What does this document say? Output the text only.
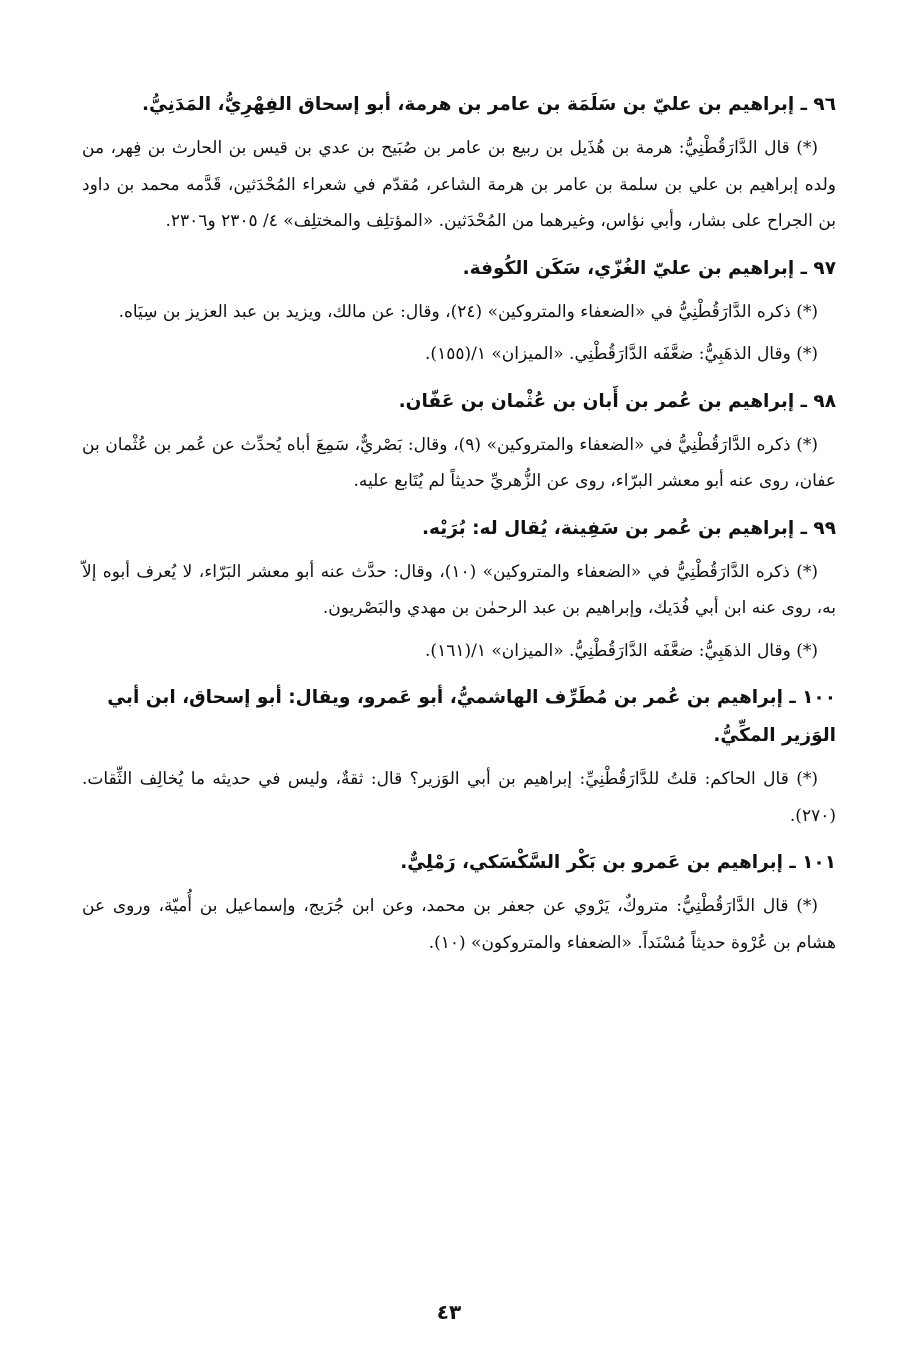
٩٦ ـ إبراهيم بن عليّ بن سَلَمَة بن عامر بن هرمة، أبو إسحاق الفِهْرِيُّ، المَدَنِيُّ.

(*) قال الدَّارَقُطْنِيُّ: هرمة بن هُذَيل بن ربيع بن عامر بن صُبَيح بن عدي بن قيس بن الحارث بن فِهر، من ولده إبراهيم بن علي بن سلمة بن عامر بن هرمة الشاعر، مُقدّم في شعراء المُحْدَثين، قَدَّمه محمد بن داود بن الجراح على بشار، وأبي نؤاس، وغيرهما من المُحْدَثين. «المؤتلِف والمختلِف» ٤/ ٢٣٠٥ و٢٣٠٦.

٩٧ ـ إبراهيم بن عليّ الغُزّي، سَكَن الكُوفة.

(*) ذكره الدَّارَقُطْنِيُّ في «الضعفاء والمتروكين» (٢٤)، وقال: عن مالك، ويزيد بن عبد العزيز بن سِيَاه.

(*) وقال الذهَبِيُّ: ضعَّفَه الدَّارَقُطْنِي. «الميزان» ١/(١٥٥).

٩٨ ـ إبراهيم بن عُمر بن أَبان بن عُثْمان بن عَفّان.

(*) ذكره الدَّارَقُطْنِيُّ في «الضعفاء والمتروكين» (٩)، وقال: بَصْريٌّ، سَمِعَ أباه يُحدِّث عن عُمر بن عُثْمان بن عفان، روى عنه أبو معشر البرّاء، روى عن الزُّهريِّ حديثاً لم يُتَابع عليه.

٩٩ ـ إبراهيم بن عُمر بن سَفِينة، يُقال له: بُرَيْه.

(*) ذكره الدَّارَقُطْنِيُّ في «الضعفاء والمتروكين» (١٠)، وقال: حدَّث عنه أبو معشر البَرّاء، لا يُعرف أبوه إلاّ به، روى عنه ابن أبي فُدَيك، وإبراهيم بن عبد الرحمٰن بن مهدي والبَصْريون.

(*) وقال الذهَبِيُّ: ضعَّفَه الدَّارَقُطْنِيُّ. «الميزان» ١/(١٦١).

١٠٠ ـ إبراهيم بن عُمر بن مُطَرِّف الهاشميُّ، أبو عَمرو، ويقال: أبو إسحاق، ابن أبي الوَزير المكِّيُّ.

(*) قال الحاكم: قلتُ للدَّارَقُطْنِيِّ: إبراهيم بن أبي الوَزير؟ قال: ثقةٌ، وليس في حديثه ما يُخالِف الثِّقات. (٢٧٠).

١٠١ ـ إبراهيم بن عَمرو بن بَكْر السَّكْسَكي، رَمْلِيٌّ.

(*) قال الدَّارَقُطْنِيُّ: متروكٌ، يَرْوي عن جعفر بن محمد، وعن ابن جُرَيج، وإسماعيل بن أُميّة، وروى عن هشام بن عُرْوة حديثاً مُسْنَداً. «الضعفاء والمتروكون» (١٠).

٤٣
